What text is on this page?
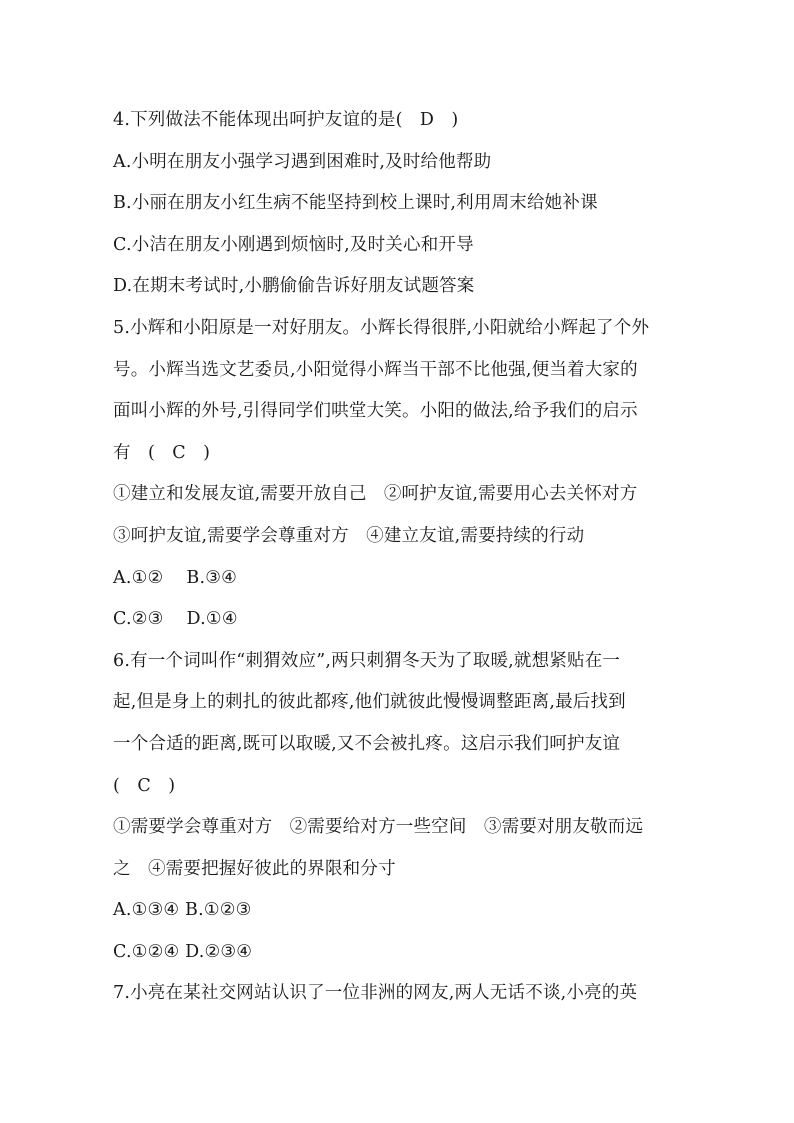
4.下列做法不能体现出呵护友谊的是(   D   )
A.小明在朋友小强学习遇到困难时,及时给他帮助
B.小丽在朋友小红生病不能坚持到校上课时,利用周末给她补课
C.小洁在朋友小刚遇到烦恼时,及时关心和开导
D.在期末考试时,小鹏偷偷告诉好朋友试题答案
5.小辉和小阳原是一对好朋友。小辉长得很胖,小阳就给小辉起了个外
号。小辉当选文艺委员,小阳觉得小辉当干部不比他强,便当着大家的
面叫小辉的外号,引得同学们哄堂大笑。小阳的做法,给予我们的启示
有   (   C   )
①建立和发展友谊,需要开放自己   ②呵护友谊,需要用心去关怀对方
③呵护友谊,需要学会尊重对方   ④建立友谊,需要持续的行动
A.①②    B.③④
C.②③    D.①④
6.有一个词叫作“刺猬效应”,两只刺猬冬天为了取暖,就想紧贴在一
起,但是身上的刺扎的彼此都疼,他们就彼此慢慢调整距离,最后找到
一个合适的距离,既可以取暖,又不会被扎疼。这启示我们呵护友谊
(   C   )
①需要学会尊重对方   ②需要给对方一些空间   ③需要对朋友敬而远
之   ④需要把握好彼此的界限和分寸
A.①③④ B.①②③
C.①②④ D.②③④
7.小亮在某社交网站认识了一位非洲的网友,两人无话不谈,小亮的英
